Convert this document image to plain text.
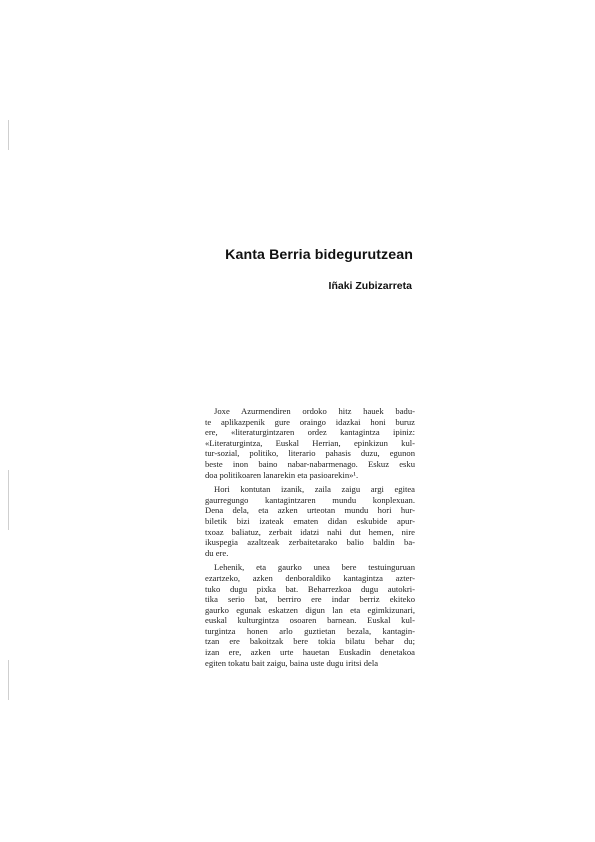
Kanta Berria bidegurutzean
Iñaki Zubizarreta

Joxe Azurmendiren ordoko hitz hauek badu-
te aplikazpenik gure oraingo idazkai honi buruz
ere, «literaturgintzaren ordez kantagintza ipiniz:
«Literaturgintza, Euskal Herrian, epinkizun kul-
tur-sozial, politiko, literario pahasis duzu, egunon
beste inon baino nabar-nabarmenago. Eskuz esku
doa politikoaren lanarekin eta pasioarekin»¹.

Hori kontutan izanik, zaila zaigu argi egitea
gaurregungo kantagintzaren mundu konplexuan.
Dena dela, eta azken urteotan mundu hori hur-
biletik bizi izateak ematen didan eskubide apur-
txoaz baliatuz, zerbait idatzi nahi dut hemen, nire
ikuspegia azaltzeak zerbaitetarako balio baldin ba-
du ere.

Lehenik, eta gaurko unea bere testuinguruan
ezartzeko, azken denboraldiko kantagintza azter-
tuko dugu pixka bat. Beharrezkoa dugu autokri-
tika serio bat, berriro ere indar berriz ekiteko
gaurko egunak eskatzen digun lan eta egimkizunari,
euskal kulturgintza osoaren barnean. Euskal kul-
turgintza honen arlo guztietan bezala, kantagin-
tzan ere bakoitzak bere tokia bilatu behar du;
izan ere, azken urte hauetan Euskadin denetakoa
egiten tokatu bait zaigu, baina uste dugu iritsi dela
